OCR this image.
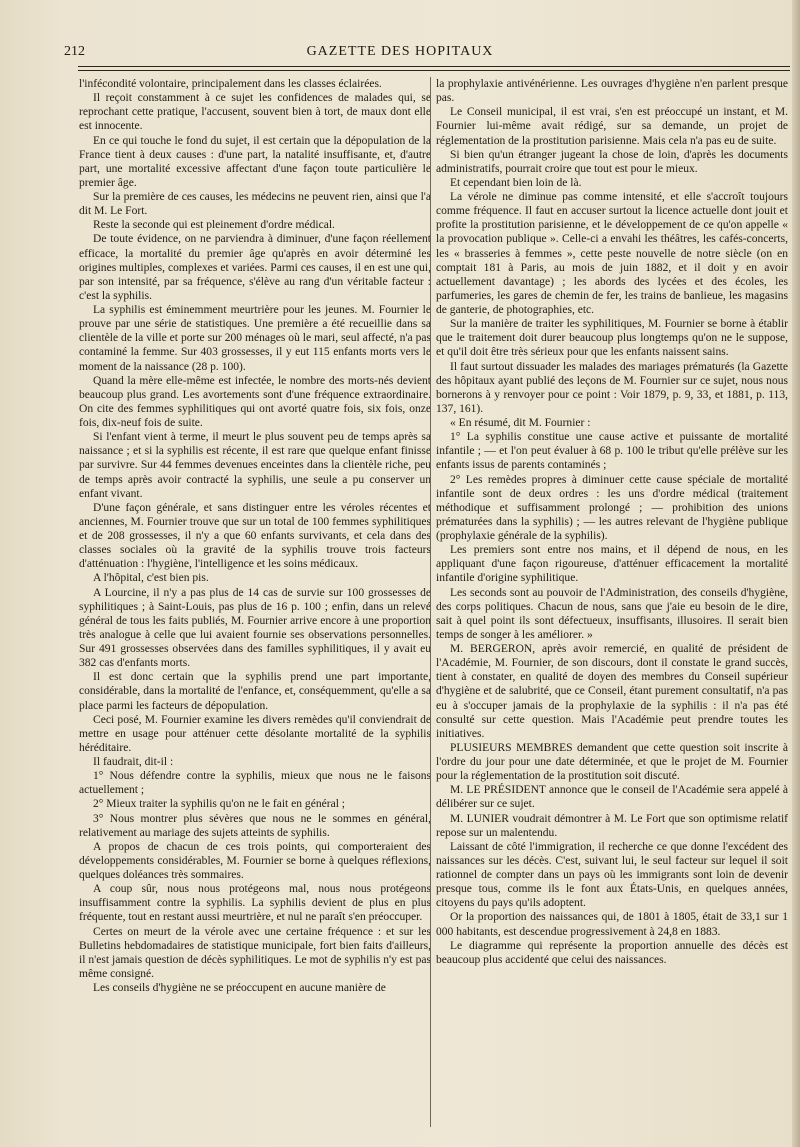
212	GAZETTE DES HOPITAUX

l'infécondité volontaire, principalement dans les classes éclairées.

Il reçoit constamment à ce sujet les confidences de malades qui, se reprochant cette pratique, l'accusent, souvent bien à tort, de maux dont elle est innocente.

En ce qui touche le fond du sujet, il est certain que la dépopulation de la France tient à deux causes : d'une part, la natalité insuffisante, et, d'autre part, une mortalité excessive affectant d'une façon toute particulière le premier âge.

Sur la première de ces causes, les médecins ne peuvent rien, ainsi que l'a dit M. Le Fort.

Reste la seconde qui est pleinement d'ordre médical.

De toute évidence, on ne parviendra à diminuer, d'une façon réellement efficace, la mortalité du premier âge qu'après en avoir déterminé les origines multiples, complexes et variées. Parmi ces causes, il en est une qui, par son intensité, par sa fréquence, s'élève au rang d'un véritable facteur : c'est la syphilis.

La syphilis est éminemment meurtrière pour les jeunes. M. Fournier le prouve par une série de statistiques. Une première a été recueillie dans sa clientèle de la ville et porte sur 200 ménages où le mari, seul affecté, n'a pas contaminé la femme. Sur 403 grossesses, il y eut 115 enfants morts vers le moment de la naissance (28 p. 100).

Quand la mère elle-même est infectée, le nombre des morts-nés devient beaucoup plus grand. Les avortements sont d'une fréquence extraordinaire. On cite des femmes syphilitiques qui ont avorté quatre fois, six fois, onze fois, dix-neuf fois de suite.

Si l'enfant vient à terme, il meurt le plus souvent peu de temps après sa naissance ; et si la syphilis est récente, il est rare que quelque enfant finisse par survivre. Sur 44 femmes devenues enceintes dans la clientèle riche, peu de temps après avoir contracté la syphilis, une seule a pu conserver un enfant vivant.

D'une façon générale, et sans distinguer entre les véroles récentes et anciennes, M. Fournier trouve que sur un total de 100 femmes syphilitiques et de 208 grossesses, il n'y a que 60 enfants survivants, et cela dans des classes sociales où la gravité de la syphilis trouve trois facteurs d'atténuation : l'hygiène, l'intelligence et les soins médicaux.

A l'hôpital, c'est bien pis.

A Lourcine, il n'y a pas plus de 14 cas de survie sur 100 grossesses de syphilitiques ; à Saint-Louis, pas plus de 16 p. 100 ; enfin, dans un relevé général de tous les faits publiés, M. Fournier arrive encore à une proportion très analogue à celle que lui avaient fournie ses observations personnelles. Sur 491 grossesses observées dans des familles syphilitiques, il y avait eu 382 cas d'enfants morts.

Il est donc certain que la syphilis prend une part importante, considérable, dans la mortalité de l'enfance, et, conséquemment, qu'elle a sa place parmi les facteurs de dépopulation.

Ceci posé, M. Fournier examine les divers remèdes qu'il conviendrait de mettre en usage pour atténuer cette désolante mortalité de la syphilis héréditaire.

Il faudrait, dit-il :

1° Nous défendre contre la syphilis, mieux que nous ne le faisons actuellement ;

2° Mieux traiter la syphilis qu'on ne le fait en général ;

3° Nous montrer plus sévères que nous ne le sommes en général, relativement au mariage des sujets atteints de syphilis.

A propos de chacun de ces trois points, qui comporteraient des développements considérables, M. Fournier se borne à quelques réflexions, quelques doléances très sommaires.

A coup sûr, nous nous protégeons mal, nous nous protégeons insuffisamment contre la syphilis. La syphilis devient de plus en plus fréquente, tout en restant aussi meurtrière, et nul ne paraît s'en préoccuper.

Certes on meurt de la vérole avec une certaine fréquence : et sur les Bulletins hebdomadaires de statistique municipale, fort bien faits d'ailleurs, il n'est jamais question de décès syphilitiques. Le mot de syphilis n'y est pas même consigné.

Les conseils d'hygiène ne se préoccupent en aucune manière de

la prophylaxie antivénérienne. Les ouvrages d'hygiène n'en parlent presque pas.

Le Conseil municipal, il est vrai, s'en est préoccupé un instant, et M. Fournier lui-même avait rédigé, sur sa demande, un projet de réglementation de la prostitution parisienne. Mais cela n'a pas eu de suite.

Si bien qu'un étranger jugeant la chose de loin, d'après les documents administratifs, pourrait croire que tout est pour le mieux.

Et cependant bien loin de là.

La vérole ne diminue pas comme intensité, et elle s'accroît toujours comme fréquence. Il faut en accuser surtout la licence actuelle dont jouit et profite la prostitution parisienne, et le développement de ce qu'on appelle « la provocation publique ». Celle-ci a envahi les théâtres, les cafés-concerts, les « brasseries à femmes », cette peste nouvelle de notre siècle (on en comptait 181 à Paris, au mois de juin 1882, et il doit y en avoir actuellement davantage) ; les abords des lycées et des écoles, les parfumeries, les gares de chemin de fer, les trains de banlieue, les magasins de ganterie, de photographies, etc.

Sur la manière de traiter les syphilitiques, M. Fournier se borne à établir que le traitement doit durer beaucoup plus longtemps qu'on ne le suppose, et qu'il doit être très sérieux pour que les enfants naissent sains.

Il faut surtout dissuader les malades des mariages prématurés (la Gazette des hôpitaux ayant publié des leçons de M. Fournier sur ce sujet, nous nous bornerons à y renvoyer pour ce point : Voir 1879, p. 9, 33, et 1881, p. 113, 137, 161).

« En résumé, dit M. Fournier :

1° La syphilis constitue une cause active et puissante de mortalité infantile ; — et l'on peut évaluer à 68 p. 100 le tribut qu'elle prélève sur les enfants issus de parents contaminés ;

2° Les remèdes propres à diminuer cette cause spéciale de mortalité infantile sont de deux ordres : les uns d'ordre médical (traitement méthodique et suffisamment prolongé ; — prohibition des unions prématurées dans la syphilis) ; — les autres relevant de l'hygiène publique (prophylaxie générale de la syphilis).

Les premiers sont entre nos mains, et il dépend de nous, en les appliquant d'une façon rigoureuse, d'atténuer efficacement la mortalité infantile d'origine syphilitique.

Les seconds sont au pouvoir de l'Administration, des conseils d'hygiène, des corps politiques. Chacun de nous, sans que j'aie eu besoin de le dire, sait à quel point ils sont défectueux, insuffisants, illusoires. Il serait bien temps de songer à les améliorer. »

M. BERGERON, après avoir remercié, en qualité de président de l'Académie, M. Fournier, de son discours, dont il constate le grand succès, tient à constater, en qualité de doyen des membres du Conseil supérieur d'hygiène et de salubrité, que ce Conseil, étant purement consultatif, n'a pas eu à s'occuper jamais de la prophylaxie de la syphilis : il n'a pas été consulté sur cette question. Mais l'Académie peut prendre toutes les initiatives.

PLUSIEURS MEMBRES demandent que cette question soit inscrite à l'ordre du jour pour une date déterminée, et que le projet de M. Fournier pour la réglementation de la prostitution soit discuté.

M. LE PRÉSIDENT annonce que le conseil de l'Académie sera appelé à délibérer sur ce sujet.

M. LUNIER voudrait démontrer à M. Le Fort que son optimisme relatif repose sur un malentendu.

Laissant de côté l'immigration, il recherche ce que donne l'excédent des naissances sur les décès. C'est, suivant lui, le seul facteur sur lequel il soit rationnel de compter dans un pays où les immigrants sont loin de devenir presque tous, comme ils le font aux États-Unis, en quelques années, citoyens du pays qu'ils adoptent.

Or la proportion des naissances qui, de 1801 à 1805, était de 33,1 sur 1 000 habitants, est descendue progressivement à 24,8 en 1883.

Le diagramme qui représente la proportion annuelle des décès est beaucoup plus accidenté que celui des naissances.
